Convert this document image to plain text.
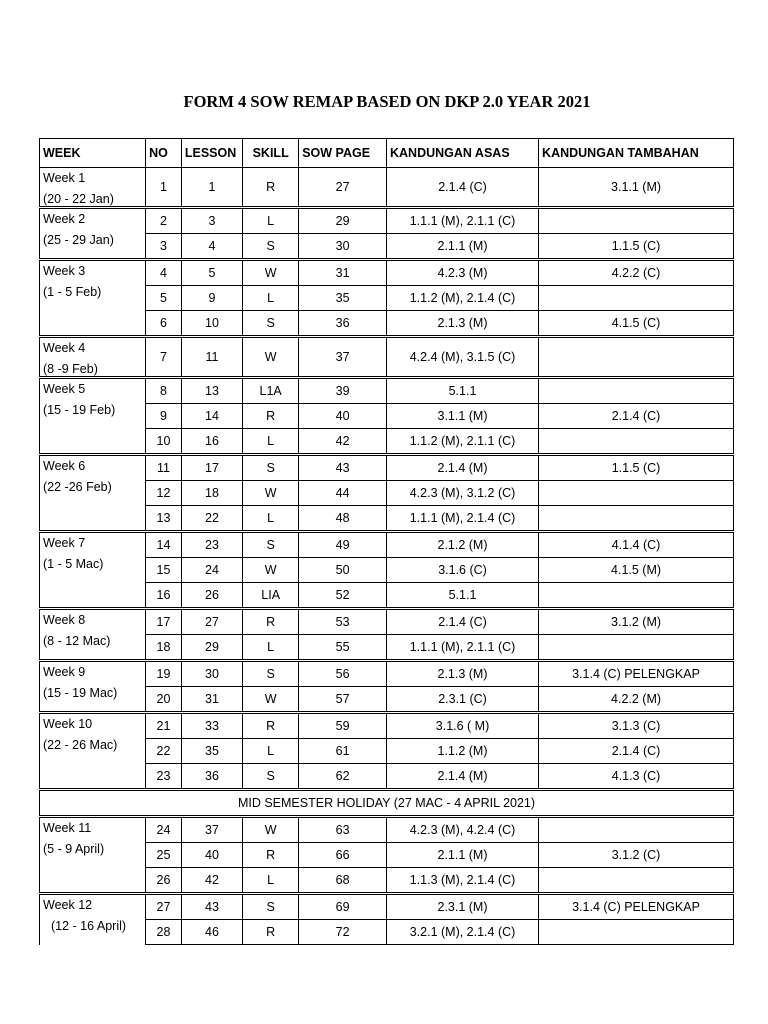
FORM 4 SOW REMAP BASED ON DKP 2.0 YEAR 2021
WEEK	NO	LESSON	SKILL	SOW PAGE	KANDUNGAN ASAS	KANDUNGAN TAMBAHAN

Week 1
(20 - 22 Jan)	1	1	R	27	2.1.4 (C)	3.1.1 (M)

Week 2
(25 - 29 Jan)	2	3	L	29	1.1.1 (M), 2.1.1 (C)	
	3	4	S	30	2.1.1 (M)	1.1.5 (C)

Week 3
(1 - 5 Feb)	4	5	W	31	4.2.3 (M)	4.2.2 (C)
	5	9	L	35	1.1.2 (M), 2.1.4 (C)	
	6	10	S	36	2.1.3 (M)	4.1.5 (C)

Week 4
(8 -9 Feb)	7	11	W	37	4.2.4 (M), 3.1.5 (C)	

Week 5
(15 - 19 Feb)	8	13	L1A	39	5.1.1	
	9	14	R	40	3.1.1 (M)	2.1.4 (C)
	10	16	L	42	1.1.2 (M), 2.1.1 (C)	

Week 6
(22 -26 Feb)	11	17	S	43	2.1.4 (M)	1.1.5 (C)
	12	18	W	44	4.2.3 (M), 3.1.2 (C)	
	13	22	L	48	1.1.1 (M), 2.1.4 (C)	

Week 7
(1 - 5 Mac)	14	23	S	49	2.1.2 (M)	4.1.4 (C)
	15	24	W	50	3.1.6 (C)	4.1.5 (M)
	16	26	LIA	52	5.1.1	

Week 8
(8 - 12 Mac)	17	27	R	53	2.1.4 (C)	3.1.2 (M)
	18	29	L	55	1.1.1 (M), 2.1.1 (C)	

Week 9
(15 - 19 Mac)	19	30	S	56	2.1.3 (M)	3.1.4 (C) PELENGKAP
	20	31	W	57	2.3.1 (C)	4.2.2 (M)

Week 10
(22 - 26 Mac)	21	33	R	59	3.1.6 ( M)	3.1.3 (C)
	22	35	L	61	1.1.2 (M)	2.1.4 (C)
	23	36	S	62	2.1.4 (M)	4.1.3 (C)
MID SEMESTER HOLIDAY (27 MAC - 4 APRIL 2021)						

Week 11
(5 - 9 April)	24	37	W	63	4.2.3 (M), 4.2.4 (C)	
	25	40	R	66	2.1.1 (M)	3.1.2 (C)
	26	42	L	68	1.1.3 (M), 2.1.4 (C)	

Week 12
(12 - 16 April)	27	43	S	69	2.3.1 (M)	3.1.4 (C) PELENGKAP
	28	46	R	72	3.2.1 (M), 2.1.4 (C)	
